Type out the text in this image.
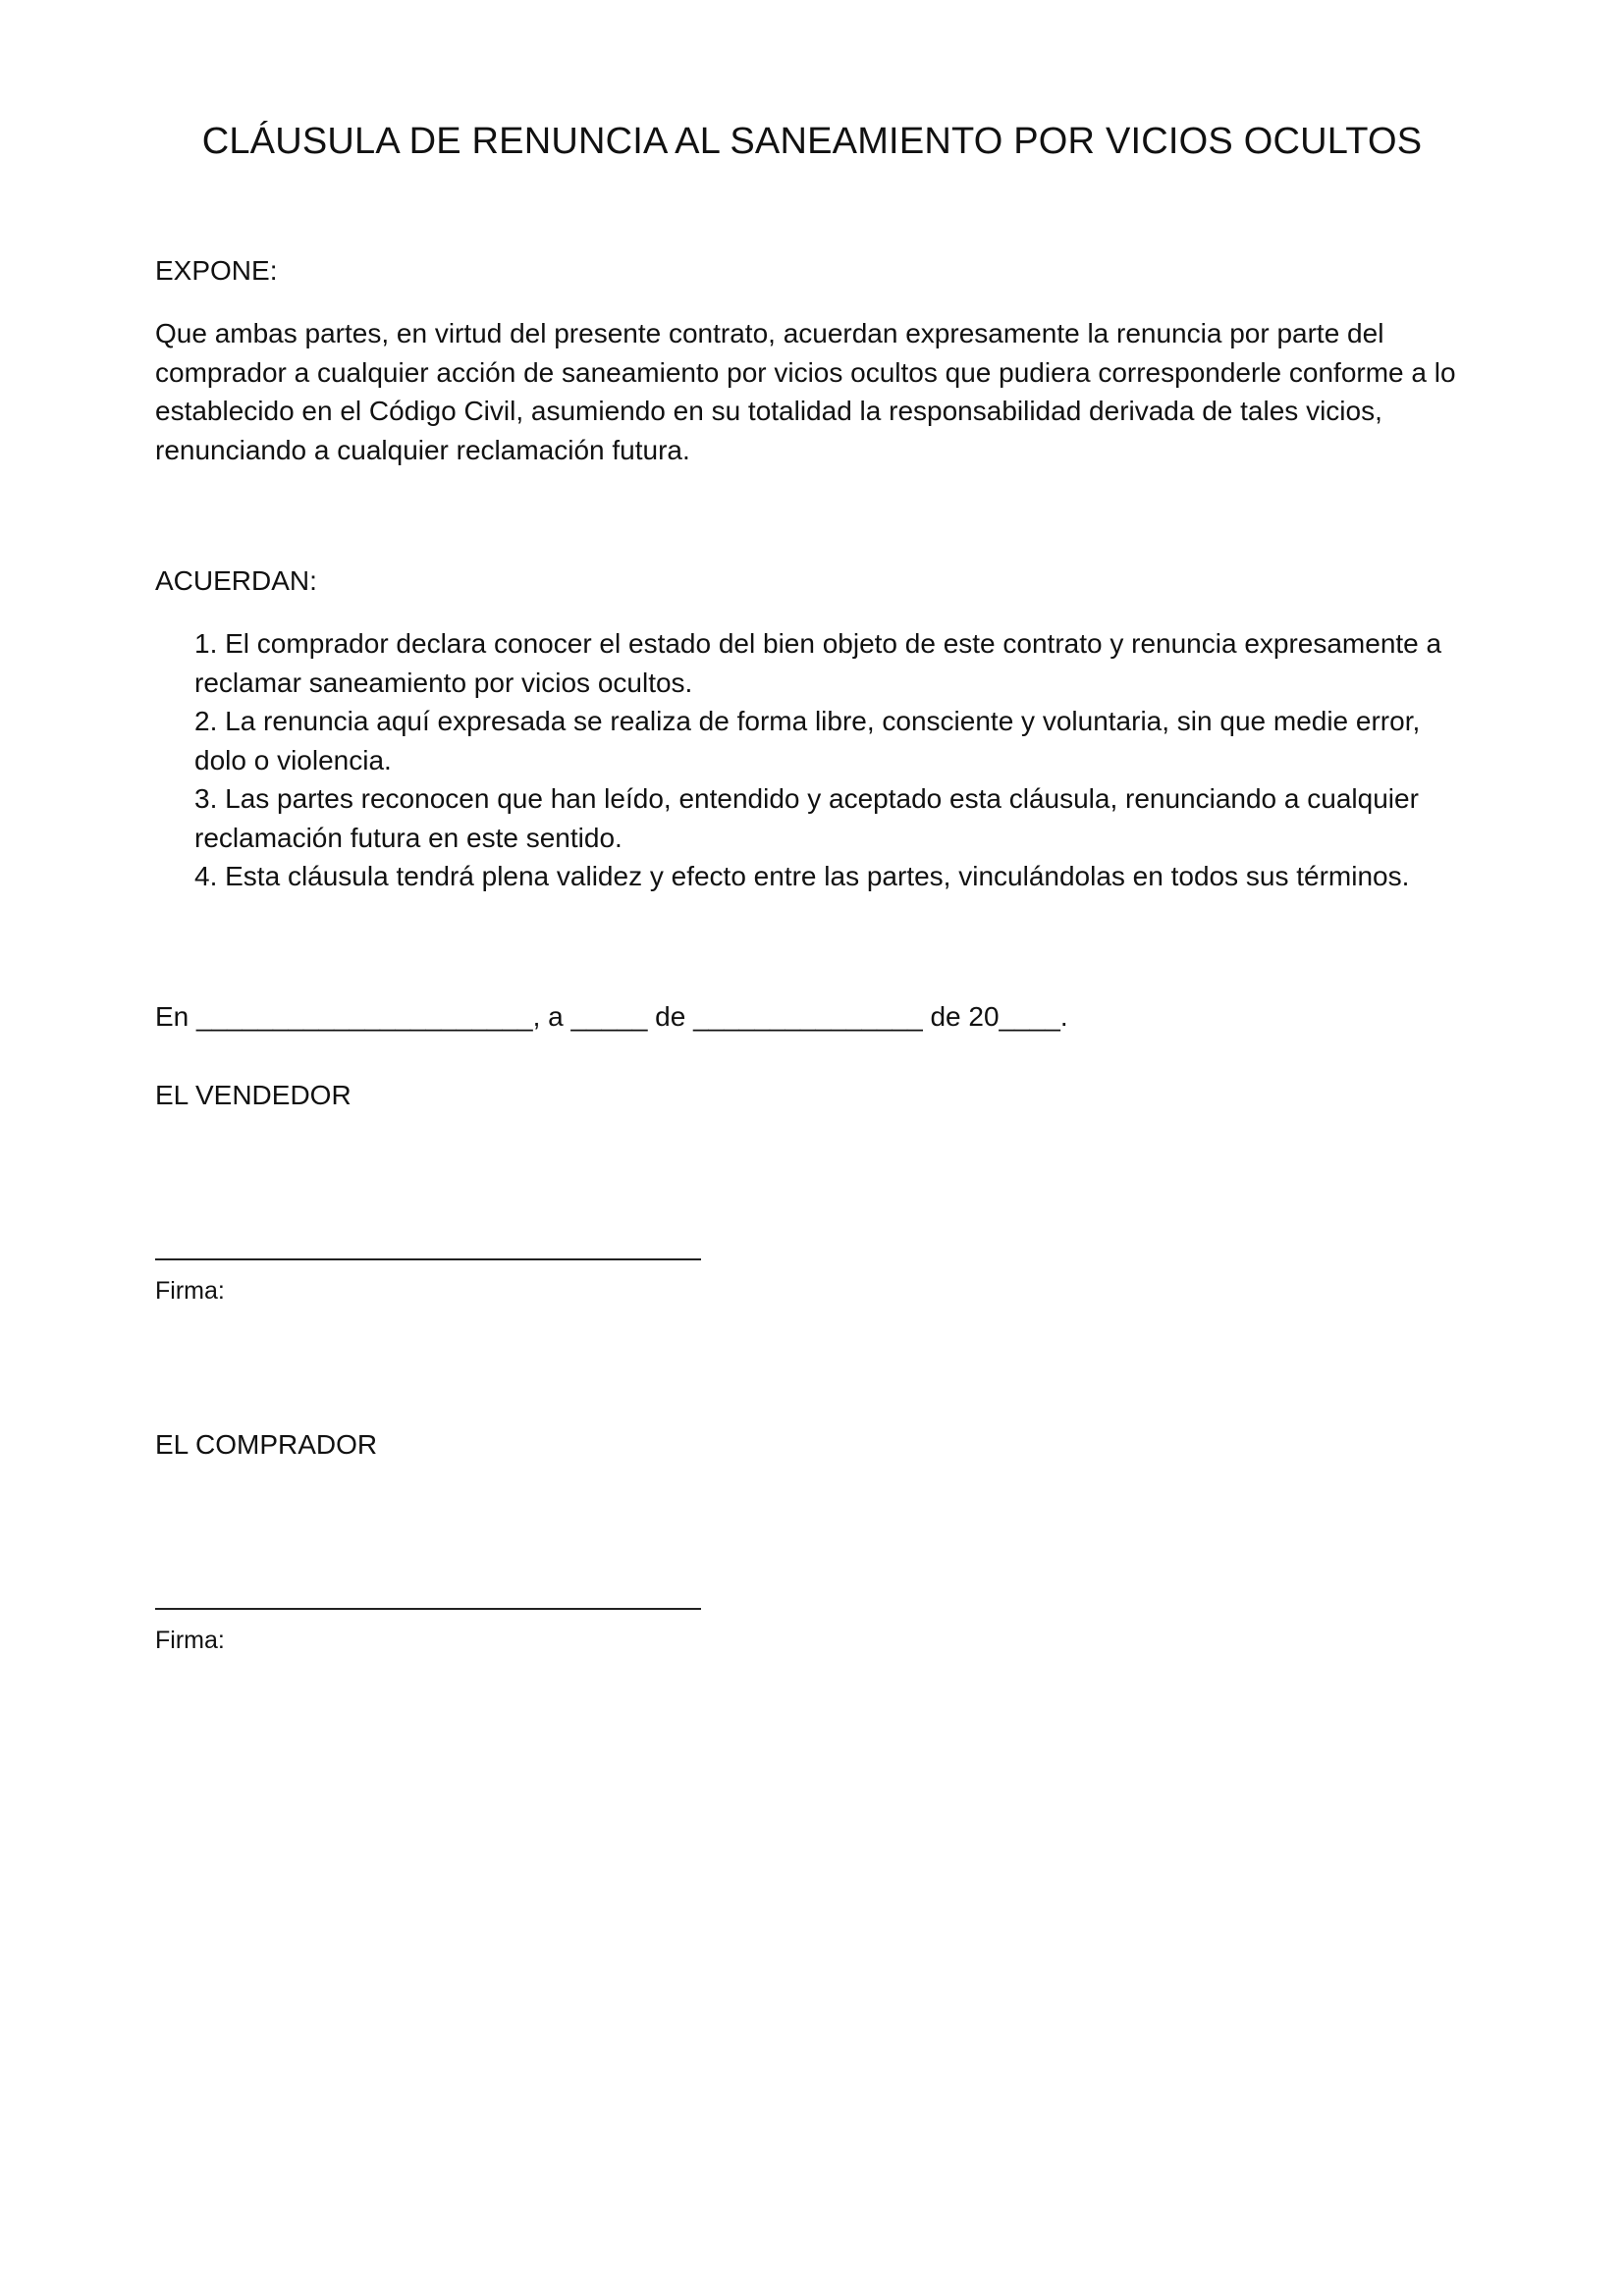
CLÁUSULA DE RENUNCIA AL SANEAMIENTO POR VICIOS OCULTOS

EXPONE:

Que ambas partes, en virtud del presente contrato, acuerdan expresamente la renuncia por parte del comprador a cualquier acción de saneamiento por vicios ocultos que pudiera corresponderle conforme a lo establecido en el Código Civil, asumiendo en su totalidad la responsabilidad derivada de tales vicios, renunciando a cualquier reclamación futura.

ACUERDAN:

1. El comprador declara conocer el estado del bien objeto de este contrato y renuncia expresamente a reclamar saneamiento por vicios ocultos.
2. La renuncia aquí expresada se realiza de forma libre, consciente y voluntaria, sin que medie error, dolo o violencia.
3. Las partes reconocen que han leído, entendido y aceptado esta cláusula, renunciando a cualquier reclamación futura en este sentido.
4. Esta cláusula tendrá plena validez y efecto entre las partes, vinculándolas en todos sus términos.

En ______________________, a _____ de _______________ de 20____.

EL VENDEDOR

Firma:

EL COMPRADOR

Firma:
